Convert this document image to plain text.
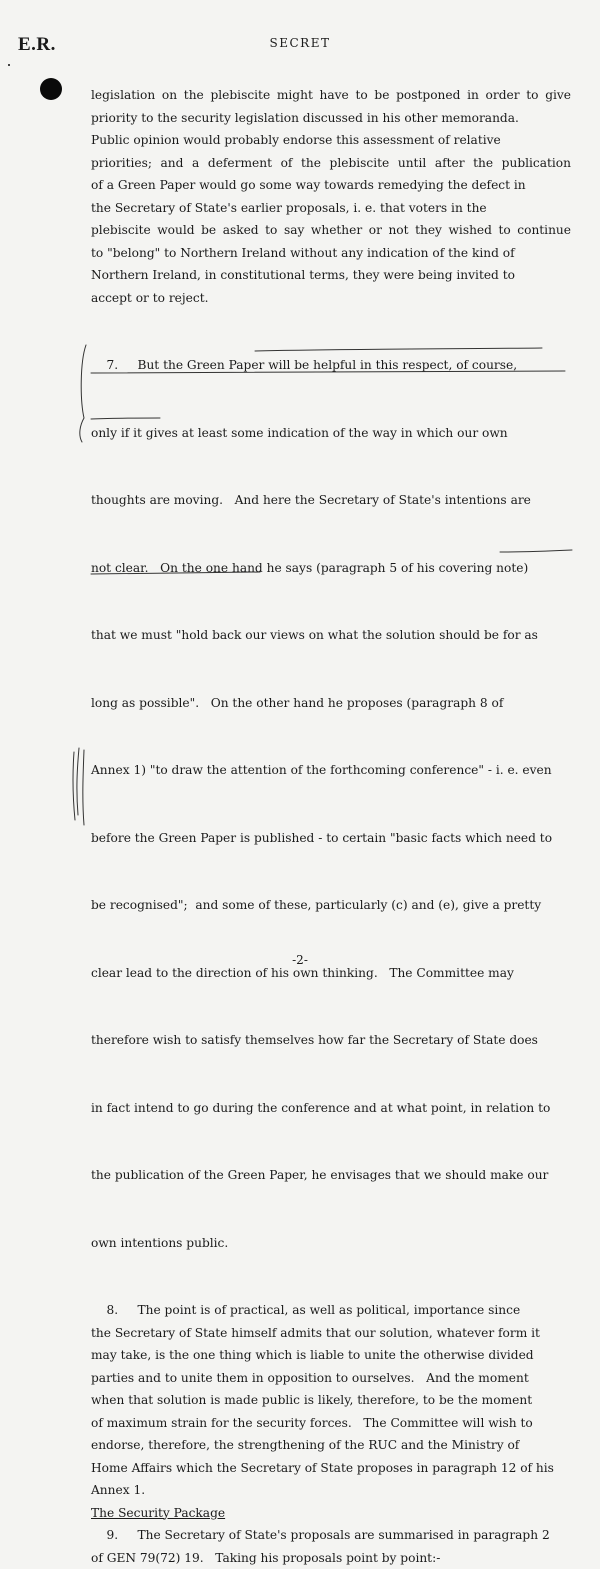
E.R.	SECRET
legislation on the plebiscite might have to be postponed in order to give
priority to the security legislation discussed in his other memoranda.
Public opinion would probably endorse this assessment of relative
priorities; and a deferment of the plebiscite until after the publication
of a Green Paper would go some way towards remedying the defect in
the Secretary of State's earlier proposals, i. e. that voters in the
plebiscite would be asked to say whether or not they wished to continue
to "belong" to Northern Ireland without any indication of the kind of
Northern Ireland, in constitutional terms, they were being invited to
accept or to reject.

7.     But the Green Paper will be helpful in this respect, of course,

only if it gives at least some indication of the way in which our own

thoughts are moving.   And here the Secretary of State's intentions are

not clear.   On the one hand he says (paragraph 5 of his covering note)

that we must "hold back our views on what the solution should be for as

long as possible".   On the other hand he proposes (paragraph 8 of

Annex 1) "to draw the attention of the forthcoming conference" - i. e. even

before the Green Paper is published - to certain "basic facts which need to

be recognised";  and some of these, particularly (c) and (e), give a pretty

clear lead to the direction of his own thinking.   The Committee may

therefore wish to satisfy themselves how far the Secretary of State does

in fact intend to go during the conference and at what point, in relation to

the publication of the Green Paper, he envisages that we should make our

own intentions public.

8.     The point is of practical, as well as political, importance since
the Secretary of State himself admits that our solution, whatever form it
may take, is the one thing which is liable to unite the otherwise divided
parties and to unite them in opposition to ourselves.   And the moment
when that solution is made public is likely, therefore, to be the moment
of maximum strain for the security forces.   The Committee will wish to
endorse, therefore, the strengthening of the RUC and the Ministry of
Home Affairs which the Secretary of State proposes in paragraph 12 of his
Annex 1.
The Security Package
9.     The Secretary of State's proposals are summarised in paragraph 2
of GEN 79(72) 19.   Taking his proposals point by point:-
-2-
